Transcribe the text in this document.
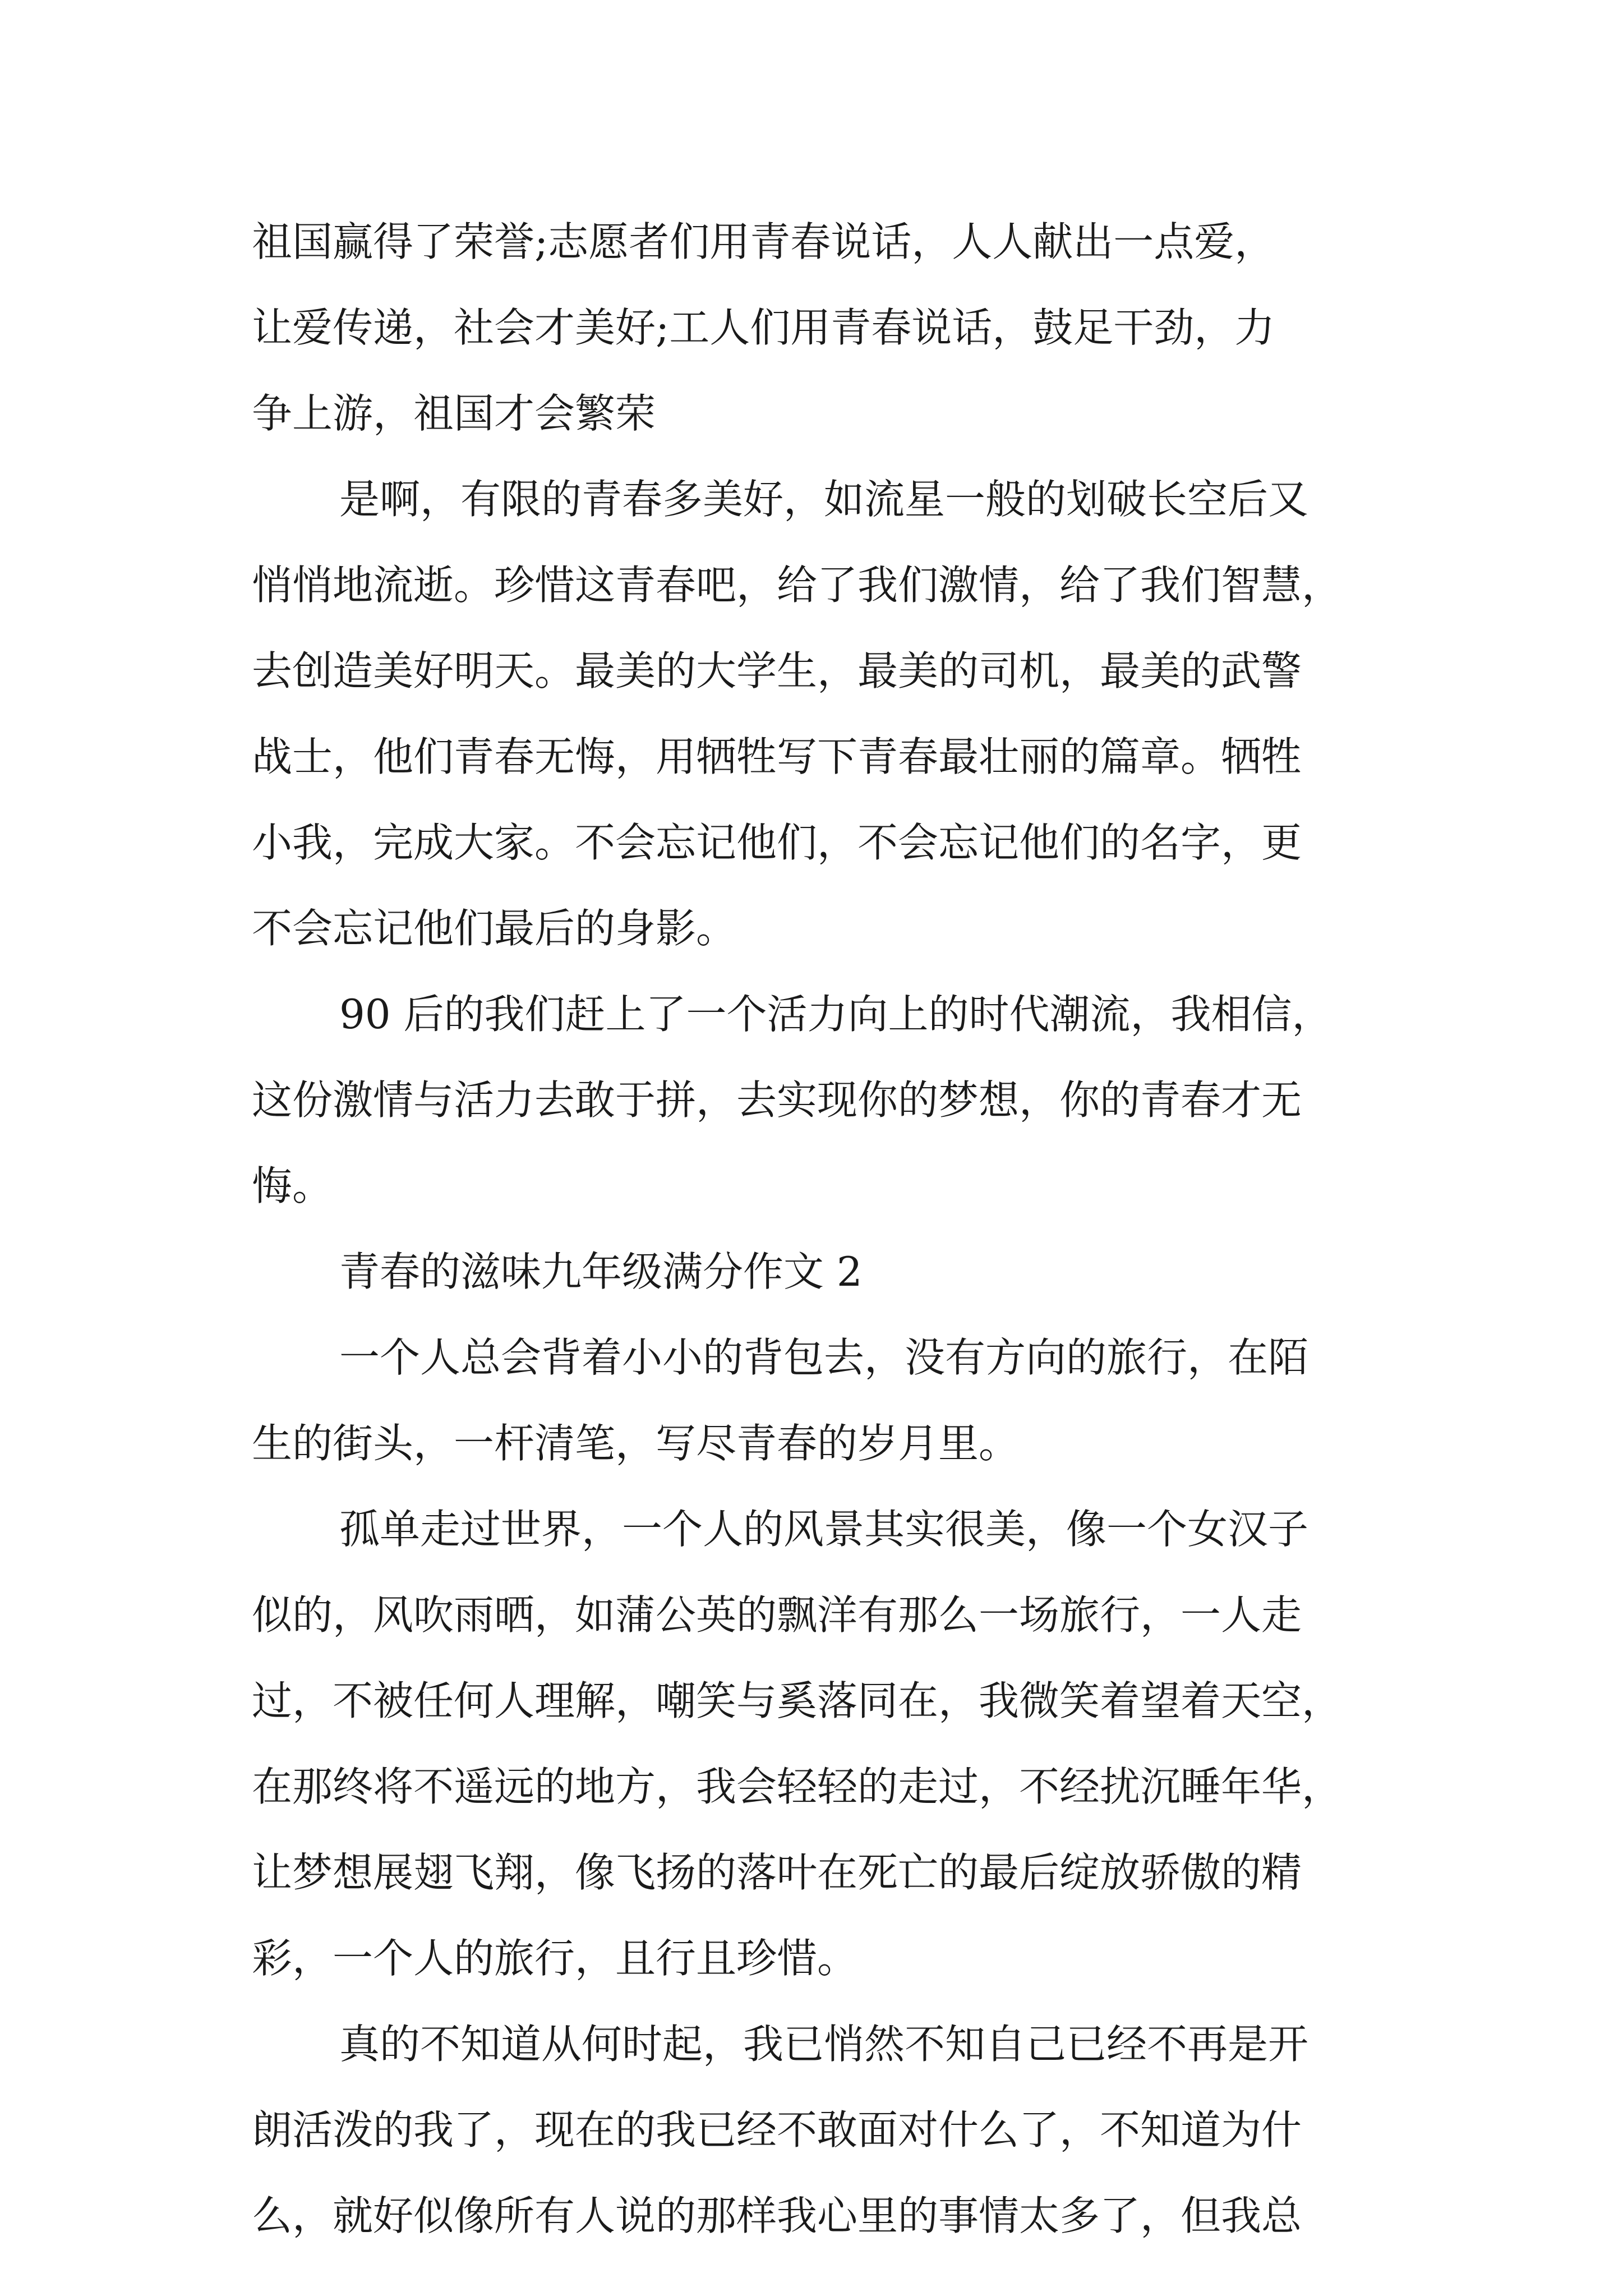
祖国赢得了荣誉;志愿者们用青春说话，人人献出一点爱，
让爱传递，社会才美好;工人们用青春说话，鼓足干劲，力
争上游，祖国才会繁荣

是啊，有限的青春多美好，如流星一般的划破长空后又
悄悄地流逝。珍惜这青春吧，给了我们激情，给了我们智慧，
去创造美好明天。最美的大学生，最美的司机，最美的武警
战士，他们青春无悔，用牺牲写下青春最壮丽的篇章。牺牲
小我，完成大家。不会忘记他们，不会忘记他们的名字，更
不会忘记他们最后的身影。

90 后的我们赶上了一个活力向上的时代潮流，我相信，
这份激情与活力去敢于拼，去实现你的梦想，你的青春才无
悔。

青春的滋味九年级满分作文 2

一个人总会背着小小的背包去，没有方向的旅行，在陌
生的街头，一杆清笔，写尽青春的岁月里。

孤单走过世界，一个人的风景其实很美，像一个女汉子
似的，风吹雨晒，如蒲公英的飘洋有那么一场旅行，一人走
过，不被任何人理解，嘲笑与奚落同在，我微笑着望着天空，
在那终将不遥远的地方，我会轻轻的走过，不经扰沉睡年华，
让梦想展翅飞翔，像飞扬的落叶在死亡的最后绽放骄傲的精
彩，一个人的旅行，且行且珍惜。

真的不知道从何时起，我已悄然不知自己已经不再是开
朗活泼的我了，现在的我已经不敢面对什么了，不知道为什
么，就好似像所有人说的那样我心里的事情太多了，但我总
